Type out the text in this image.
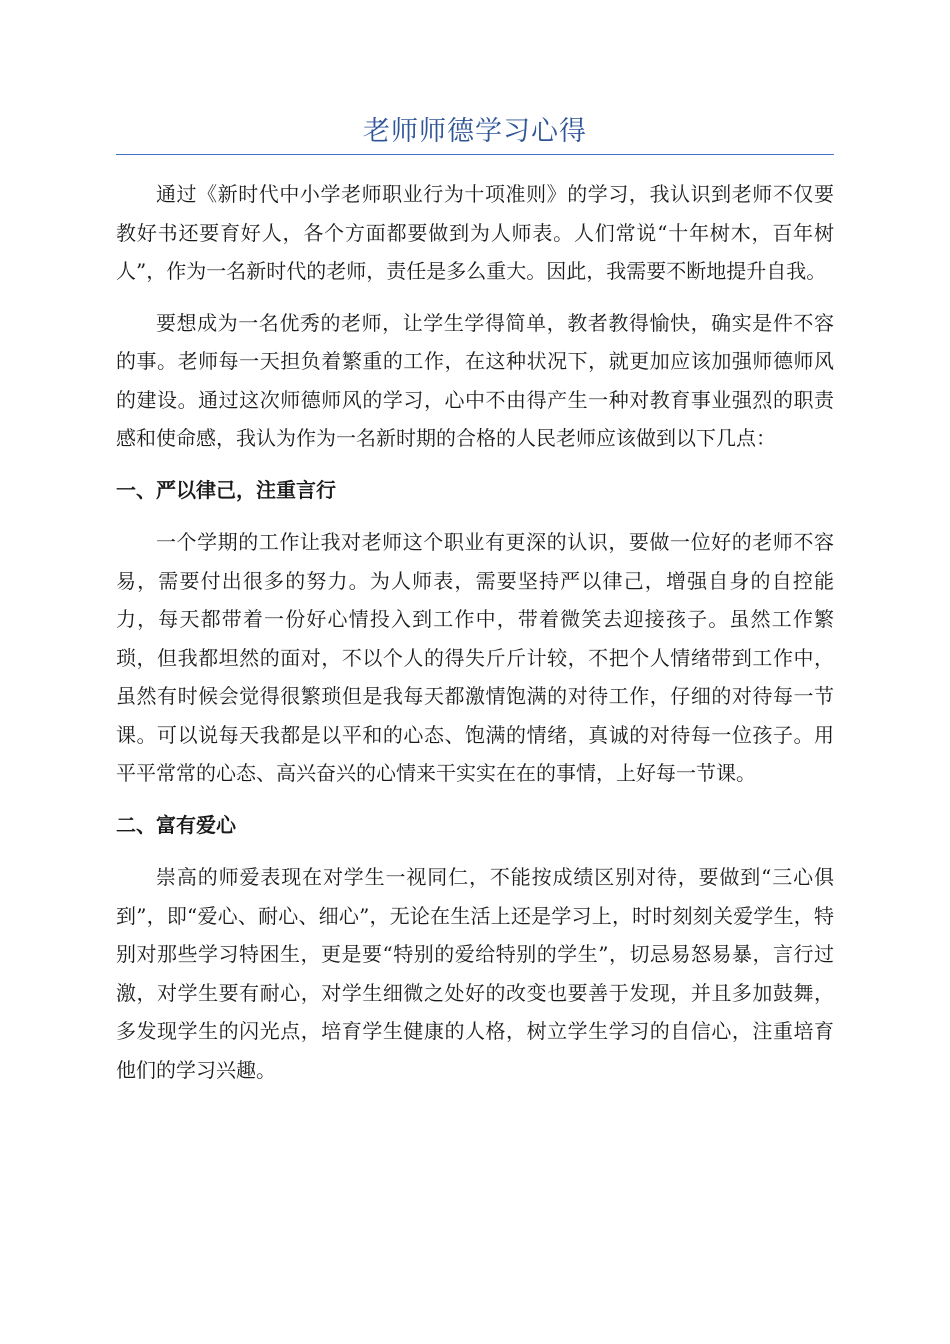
老师师德学习心得

通过《新时代中小学老师职业行为十项准则》的学习，我认识到老师不仅要教好书还要育好人，各个方面都要做到为人师表。人们常说“十年树木，百年树人”，作为一名新时代的老师，责任是多么重大。因此，我需要不断地提升自我。

要想成为一名优秀的老师，让学生学得简单，教者教得愉快，确实是件不容的事。老师每一天担负着繁重的工作，在这种状况下，就更加应该加强师德师风的建设。通过这次师德师风的学习，心中不由得产生一种对教育事业强烈的职责感和使命感，我认为作为一名新时期的合格的人民老师应该做到以下几点：

一、严以律己，注重言行

一个学期的工作让我对老师这个职业有更深的认识，要做一位好的老师不容易，需要付出很多的努力。为人师表，需要坚持严以律己，增强自身的自控能力，每天都带着一份好心情投入到工作中，带着微笑去迎接孩子。虽然工作繁琐，但我都坦然的面对，不以个人的得失斤斤计较，不把个人情绪带到工作中，虽然有时候会觉得很繁琐但是我每天都激情饱满的对待工作，仔细的对待每一节课。可以说每天我都是以平和的心态、饱满的情绪，真诚的对待每一位孩子。用平平常常的心态、高兴奋兴的心情来干实实在在的事情，上好每一节课。

二、富有爱心

崇高的师爱表现在对学生一视同仁，不能按成绩区别对待，要做到“三心俱到”，即“爱心、耐心、细心”，无论在生活上还是学习上，时时刻刻关爱学生，特别对那些学习特困生，更是要“特别的爱给特别的学生”，切忌易怒易暴，言行过激，对学生要有耐心，对学生细微之处好的改变也要善于发现，并且多加鼓舞，多发现学生的闪光点，培育学生健康的人格，树立学生学习的自信心，注重培育他们的学习兴趣。
